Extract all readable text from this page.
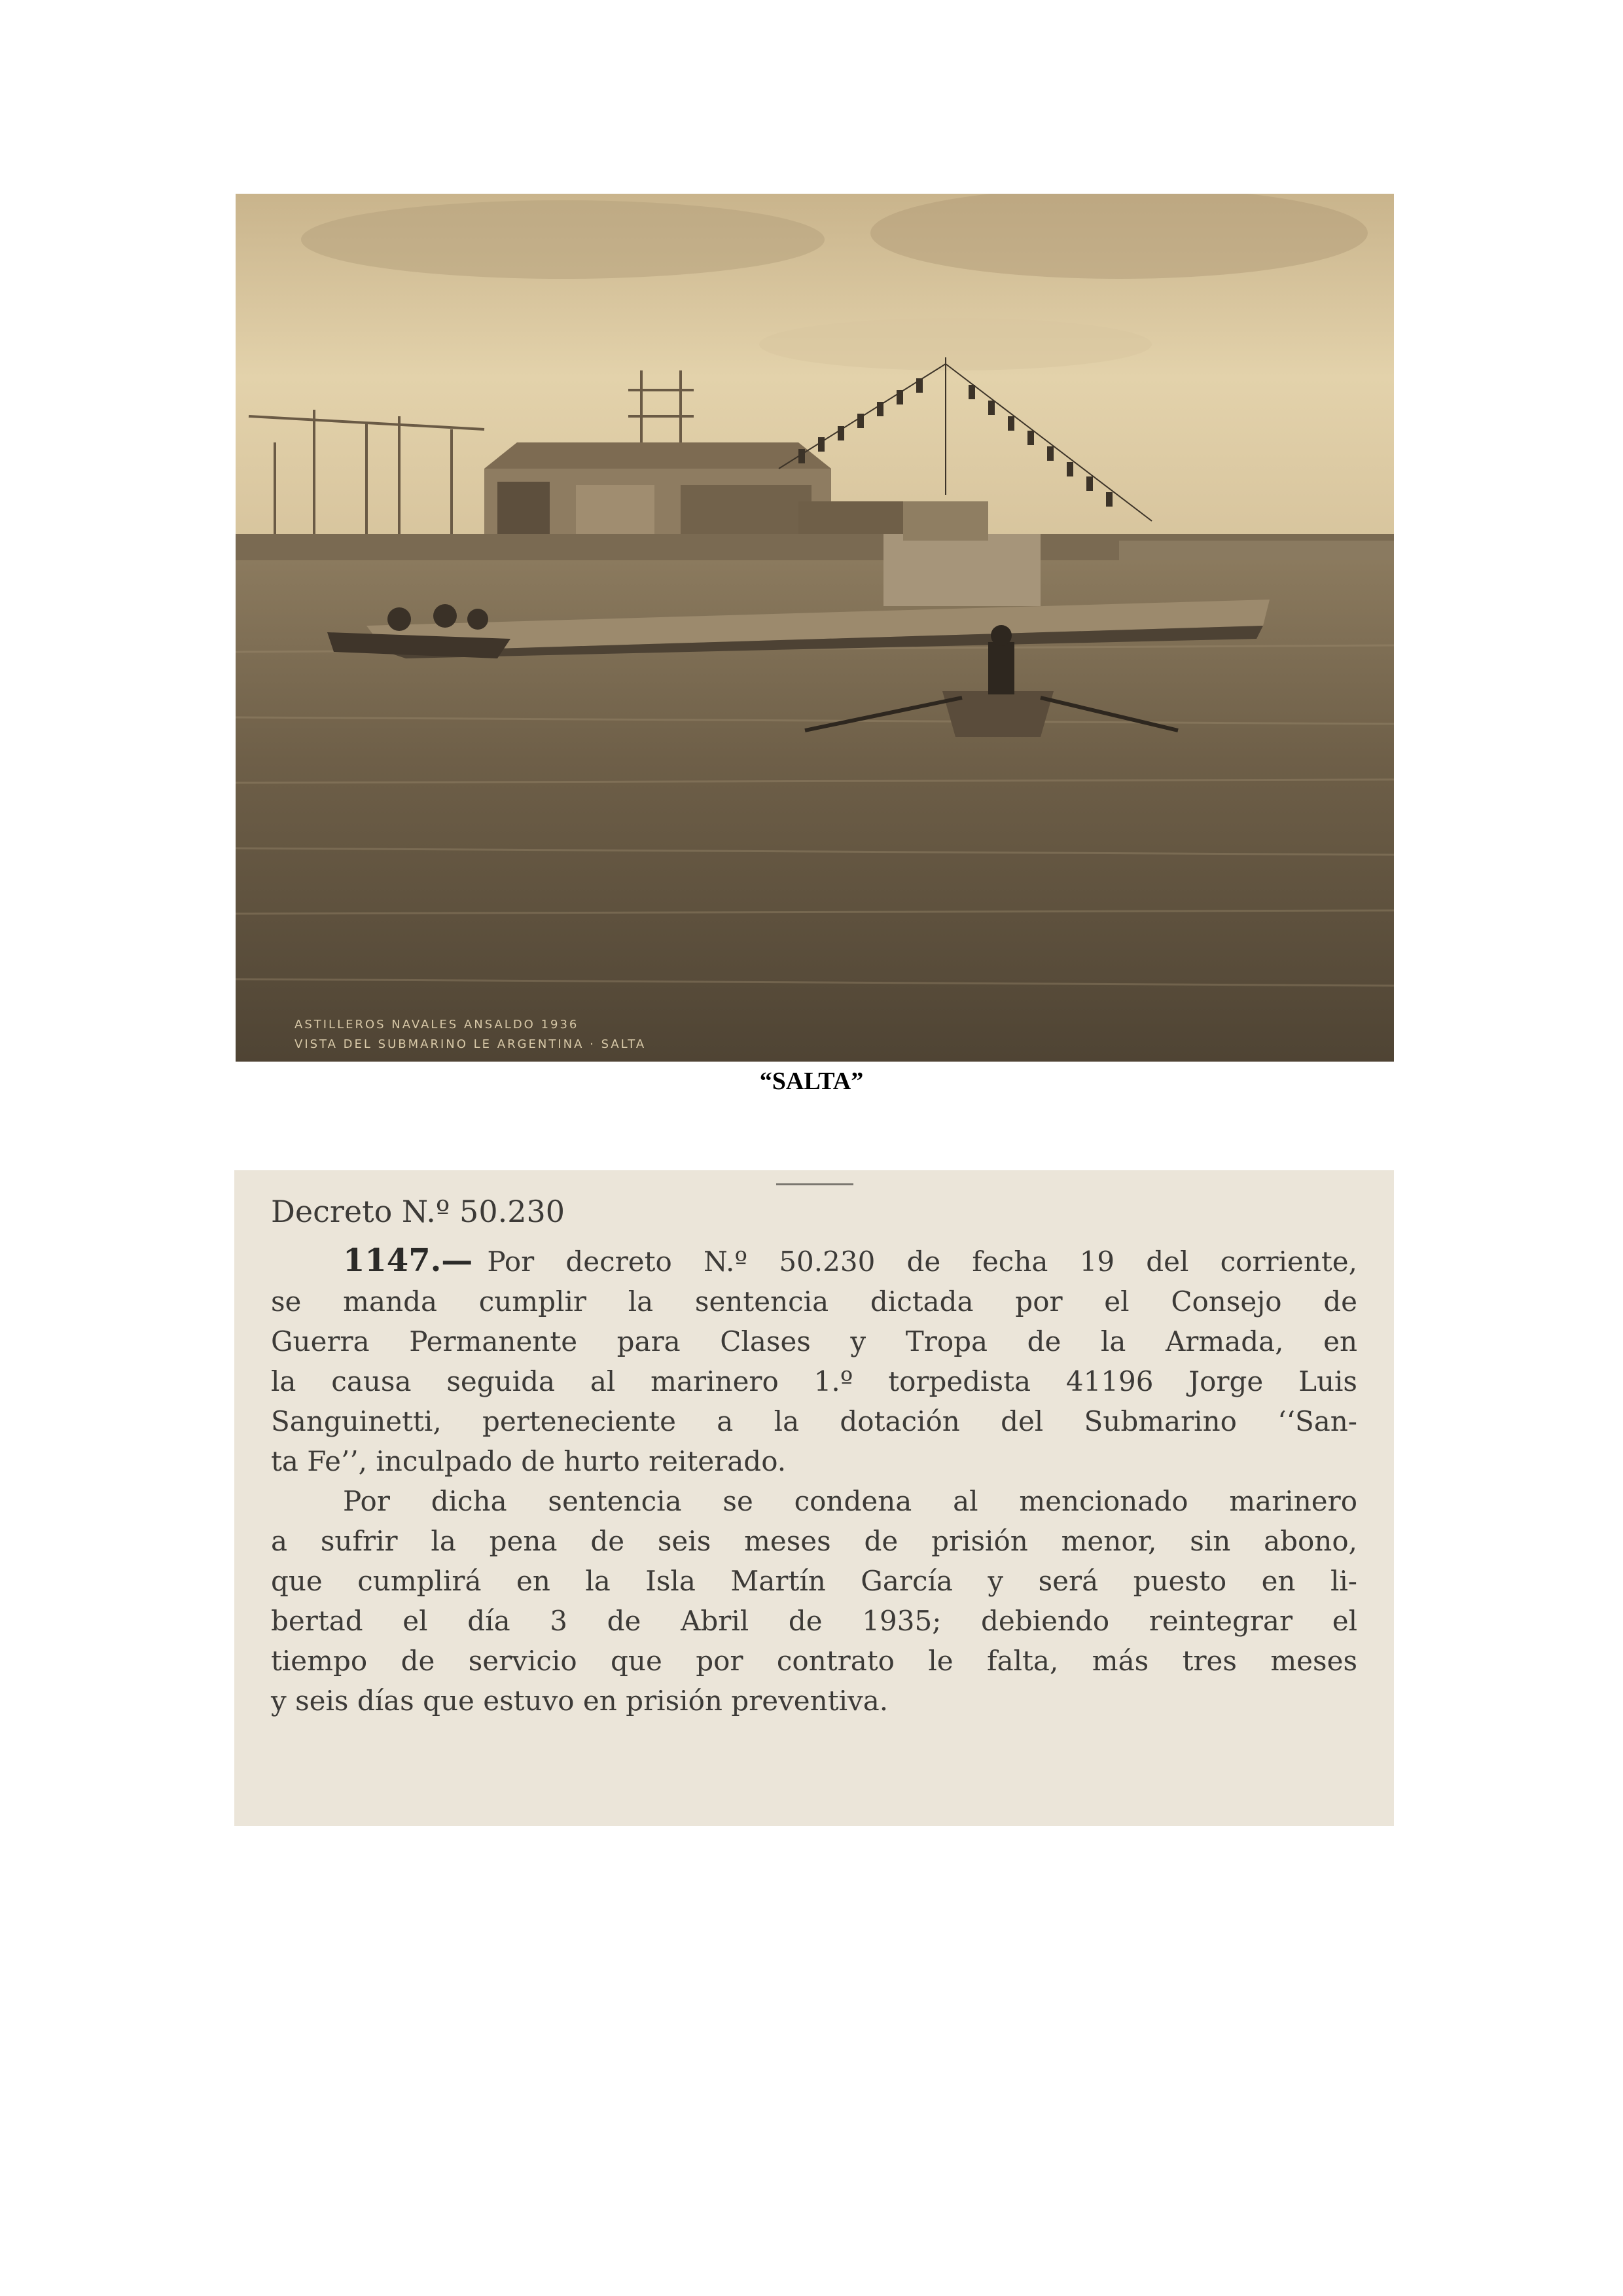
ASTILLEROS NAVALES ANSALDO 1936
VISTA DEL SUBMARINO LE ARGENTINA · SALTA
“SALTA”
Decreto N.º 50.230
1147.— Por decreto N.º 50.230 de fecha 19 del corriente,
se manda cumplir la sentencia dictada por el Consejo de
Guerra Permanente para Clases y Tropa de la Armada, en
la causa seguida al marinero 1.º torpedista 41196 Jorge Luis
Sanguinetti, perteneciente a la dotación del Submarino ‘‘San-
ta Fe’’, inculpado de hurto reiterado.
Por dicha sentencia se condena al mencionado marinero
a sufrir la pena de seis meses de prisión menor, sin abono,
que cumplirá en la Isla Martín García y será puesto en li-
bertad el día 3 de Abril de 1935; debiendo reintegrar el
tiempo de servicio que por contrato le falta, más tres meses
y seis días que estuvo en prisión preventiva.
